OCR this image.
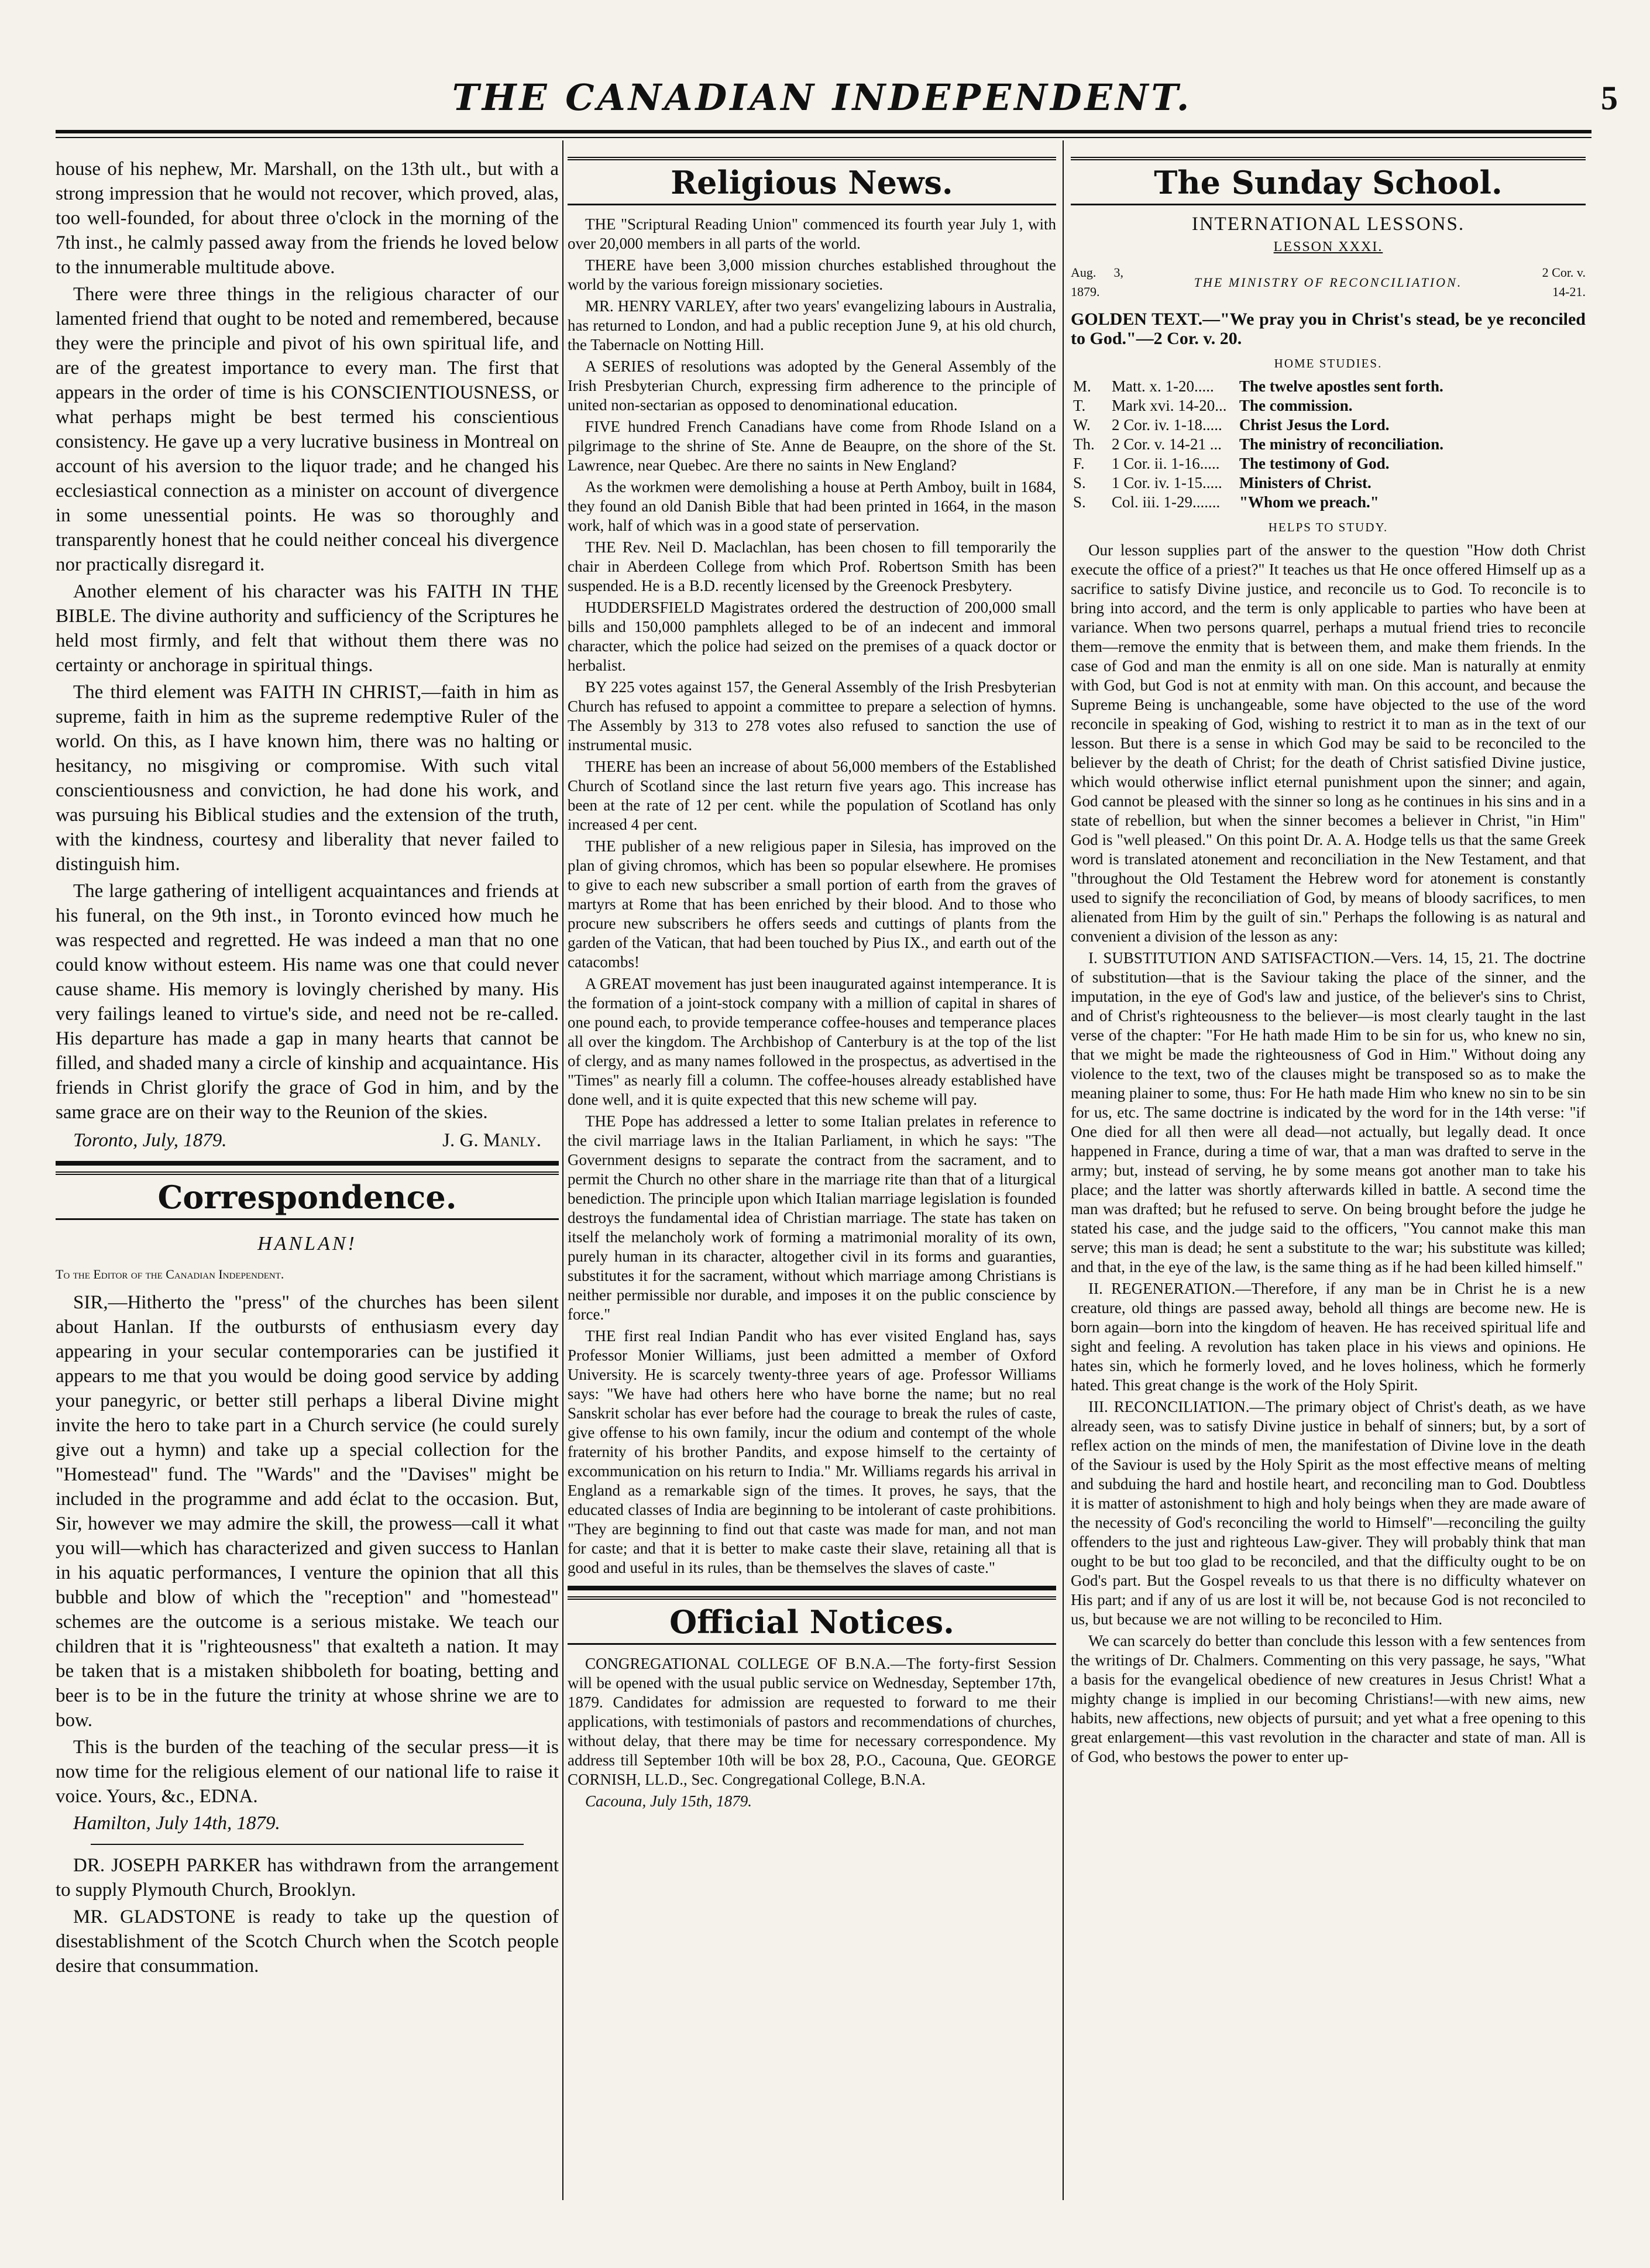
THE CANADIAN INDEPENDENT.	5

house of his nephew, Mr. Marshall, on the 13th ult., but with a strong impression that he would not recover, which proved, alas, too well-founded, for about three o'clock in the morning of the 7th inst., he calmly passed away from the friends he loved below to the innumerable multitude above.

There were three things in the religious character of our lamented friend that ought to be noted and remembered, because they were the principle and pivot of his own spiritual life, and are of the greatest importance to every man. The first that appears in the order of time is his CONSCIENTIOUSNESS, or what perhaps might be best termed his conscientious consistency. He gave up a very lucrative business in Montreal on account of his aversion to the liquor trade; and he changed his ecclesiastical connection as a minister on account of divergence in some unessential points. He was so thoroughly and transparently honest that he could neither conceal his divergence nor practically disregard it.

Another element of his character was his FAITH IN THE BIBLE. The divine authority and sufficiency of the Scriptures he held most firmly, and felt that without them there was no certainty or anchorage in spiritual things.

The third element was FAITH IN CHRIST,—faith in him as supreme, faith in him as the supreme redemptive Ruler of the world. On this, as I have known him, there was no halting or hesitancy, no misgiving or compromise. With such vital conscientiousness and conviction, he had done his work, and was pursuing his Biblical studies and the extension of the truth, with the kindness, courtesy and liberality that never failed to distinguish him.

The large gathering of intelligent acquaintances and friends at his funeral, on the 9th inst., in Toronto evinced how much he was respected and regretted. He was indeed a man that no one could know without esteem. His name was one that could never cause shame. His memory is lovingly cherished by many. His very failings leaned to virtue's side, and need not be re-called. His departure has made a gap in many hearts that cannot be filled, and shaded many a circle of kinship and acquaintance. His friends in Christ glorify the grace of God in him, and by the same grace are on their way to the Reunion of the skies.

Toronto, July, 1879.	J. G. Manly.
Correspondence.
HANLAN!
To the Editor of the Canadian Independent.

SIR,—Hitherto the "press" of the churches has been silent about Hanlan. If the outbursts of enthusiasm every day appearing in your secular contemporaries can be justified it appears to me that you would be doing good service by adding your panegyric, or better still perhaps a liberal Divine might invite the hero to take part in a Church service (he could surely give out a hymn) and take up a special collection for the "Homestead" fund. The "Wards" and the "Davises" might be included in the programme and add éclat to the occasion. But, Sir, however we may admire the skill, the prowess—call it what you will—which has characterized and given success to Hanlan in his aquatic performances, I venture the opinion that all this bubble and blow of which the "reception" and "homestead" schemes are the outcome is a serious mistake. We teach our children that it is "righteousness" that exalteth a nation. It may be taken that is a mistaken shibboleth for boating, betting and beer is to be in the future the trinity at whose shrine we are to bow.

This is the burden of the teaching of the secular press—it is now time for the religious element of our national life to raise it voice. Yours, &c., EDNA.

Hamilton, July 14th, 1879.

DR. JOSEPH PARKER has withdrawn from the arrangement to supply Plymouth Church, Brooklyn.

MR. GLADSTONE is ready to take up the question of disestablishment of the Scotch Church when the Scotch people desire that consummation.

Religious News.

THE "Scriptural Reading Union" commenced its fourth year July 1, with over 20,000 members in all parts of the world.

THERE have been 3,000 mission churches established throughout the world by the various foreign missionary societies.

MR. HENRY VARLEY, after two years' evangelizing labours in Australia, has returned to London, and had a public reception June 9, at his old church, the Tabernacle on Notting Hill.

A SERIES of resolutions was adopted by the General Assembly of the Irish Presbyterian Church, expressing firm adherence to the principle of united non-sectarian as opposed to denominational education.

FIVE hundred French Canadians have come from Rhode Island on a pilgrimage to the shrine of Ste. Anne de Beaupre, on the shore of the St. Lawrence, near Quebec. Are there no saints in New England?

As the workmen were demolishing a house at Perth Amboy, built in 1684, they found an old Danish Bible that had been printed in 1664, in the mason work, half of which was in a good state of perservation.

THE Rev. Neil D. Maclachlan, has been chosen to fill temporarily the chair in Aberdeen College from which Prof. Robertson Smith has been suspended. He is a B.D. recently licensed by the Greenock Presbytery.

HUDDERSFIELD Magistrates ordered the destruction of 200,000 small bills and 150,000 pamphlets alleged to be of an indecent and immoral character, which the police had seized on the premises of a quack doctor or herbalist.

BY 225 votes against 157, the General Assembly of the Irish Presbyterian Church has refused to appoint a committee to prepare a selection of hymns. The Assembly by 313 to 278 votes also refused to sanction the use of instrumental music.

THERE has been an increase of about 56,000 members of the Established Church of Scotland since the last return five years ago. This increase has been at the rate of 12 per cent. while the population of Scotland has only increased 4 per cent.

THE publisher of a new religious paper in Silesia, has improved on the plan of giving chromos, which has been so popular elsewhere. He promises to give to each new subscriber a small portion of earth from the graves of martyrs at Rome that has been enriched by their blood. And to those who procure new subscribers he offers seeds and cuttings of plants from the garden of the Vatican, that had been touched by Pius IX., and earth out of the catacombs!

A GREAT movement has just been inaugurated against intemperance. It is the formation of a joint-stock company with a million of capital in shares of one pound each, to provide temperance coffee-houses and temperance places all over the kingdom. The Archbishop of Canterbury is at the top of the list of clergy, and as many names followed in the prospectus, as advertised in the "Times" as nearly fill a column. The coffee-houses already established have done well, and it is quite expected that this new scheme will pay.

THE Pope has addressed a letter to some Italian prelates in reference to the civil marriage laws in the Italian Parliament, in which he says: "The Government designs to separate the contract from the sacrament, and to permit the Church no other share in the marriage rite than that of a liturgical benediction. The principle upon which Italian marriage legislation is founded destroys the fundamental idea of Christian marriage. The state has taken on itself the melancholy work of forming a matrimonial morality of its own, purely human in its character, altogether civil in its forms and guaranties, substitutes it for the sacrament, without which marriage among Christians is neither permissible nor durable, and imposes it on the public conscience by force."

THE first real Indian Pandit who has ever visited England has, says Professor Monier Williams, just been admitted a member of Oxford University. He is scarcely twenty-three years of age. Professor Williams says: "We have had others here who have borne the name; but no real Sanskrit scholar has ever before had the courage to break the rules of caste, give offense to his own family, incur the odium and contempt of the whole fraternity of his brother Pandits, and expose himself to the certainty of excommunication on his return to India." Mr. Williams regards his arrival in England as a remarkable sign of the times. It proves, he says, that the educated classes of India are beginning to be intolerant of caste prohibitions. "They are beginning to find out that caste was made for man, and not man for caste; and that it is better to make caste their slave, retaining all that is good and useful in its rules, than be themselves the slaves of caste."

Official Notices.

CONGREGATIONAL COLLEGE OF B.N.A.—The forty-first Session will be opened with the usual public service on Wednesday, September 17th, 1879. Candidates for admission are requested to forward to me their applications, with testimonials of pastors and recommendations of churches, without delay, that there may be time for necessary correspondence. My address till September 10th will be box 28, P.O., Cacouna, Que. GEORGE CORNISH, LL.D., Sec. Congregational College, B.N.A.

Cacouna, July 15th, 1879.
The Sunday School.
INTERNATIONAL LESSONS.
LESSON XXXI.
Aug. 3, 1879.
THE MINISTRY OF RECONCILIATION.
2 Cor. v. 14-21.

GOLDEN TEXT.—"We pray you in Christ's stead, be ye reconciled to God."—2 Cor. v. 20.

HOME STUDIES.
M.	Matt. x. 1-20.....	The twelve apostles sent forth.
T.	Mark xvi. 14-20...	The commission.
W.	2 Cor. iv. 1-18.....	Christ Jesus the Lord.
Th.	2 Cor. v. 14-21 ...	The ministry of reconciliation.
F.	1 Cor. ii. 1-16.....	The testimony of God.
S.	1 Cor. iv. 1-15.....	Ministers of Christ.
S.	Col. iii. 1-29.......	"Whom we preach."
HELPS TO STUDY.

Our lesson supplies part of the answer to the question "How doth Christ execute the office of a priest?" It teaches us that He once offered Himself up as a sacrifice to satisfy Divine justice, and reconcile us to God. To reconcile is to bring into accord, and the term is only applicable to parties who have been at variance. When two persons quarrel, perhaps a mutual friend tries to reconcile them—remove the enmity that is between them, and make them friends. In the case of God and man the enmity is all on one side. Man is naturally at enmity with God, but God is not at enmity with man. On this account, and because the Supreme Being is unchangeable, some have objected to the use of the word reconcile in speaking of God, wishing to restrict it to man as in the text of our lesson. But there is a sense in which God may be said to be reconciled to the believer by the death of Christ; for the death of Christ satisfied Divine justice, which would otherwise inflict eternal punishment upon the sinner; and again, God cannot be pleased with the sinner so long as he continues in his sins and in a state of rebellion, but when the sinner becomes a believer in Christ, "in Him" God is "well pleased." On this point Dr. A. A. Hodge tells us that the same Greek word is translated atonement and reconciliation in the New Testament, and that "throughout the Old Testament the Hebrew word for atonement is constantly used to signify the reconciliation of God, by means of bloody sacrifices, to men alienated from Him by the guilt of sin." Perhaps the following is as natural and convenient a division of the lesson as any:

I. SUBSTITUTION AND SATISFACTION.—Vers. 14, 15, 21. The doctrine of substitution—that is the Saviour taking the place of the sinner, and the imputation, in the eye of God's law and justice, of the believer's sins to Christ, and of Christ's righteousness to the believer—is most clearly taught in the last verse of the chapter: "For He hath made Him to be sin for us, who knew no sin, that we might be made the righteousness of God in Him." Without doing any violence to the text, two of the clauses might be transposed so as to make the meaning plainer to some, thus: For He hath made Him who knew no sin to be sin for us, etc. The same doctrine is indicated by the word for in the 14th verse: "if One died for all then were all dead—not actually, but legally dead. It once happened in France, during a time of war, that a man was drafted to serve in the army; but, instead of serving, he by some means got another man to take his place; and the latter was shortly afterwards killed in battle. A second time the man was drafted; but he refused to serve. On being brought before the judge he stated his case, and the judge said to the officers, "You cannot make this man serve; this man is dead; he sent a substitute to the war; his substitute was killed; and that, in the eye of the law, is the same thing as if he had been killed himself."

II. REGENERATION.—Therefore, if any man be in Christ he is a new creature, old things are passed away, behold all things are become new. He is born again—born into the kingdom of heaven. He has received spiritual life and sight and feeling. A revolution has taken place in his views and opinions. He hates sin, which he formerly loved, and he loves holiness, which he formerly hated. This great change is the work of the Holy Spirit.

III. RECONCILIATION.—The primary object of Christ's death, as we have already seen, was to satisfy Divine justice in behalf of sinners; but, by a sort of reflex action on the minds of men, the manifestation of Divine love in the death of the Saviour is used by the Holy Spirit as the most effective means of melting and subduing the hard and hostile heart, and reconciling man to God. Doubtless it is matter of astonishment to high and holy beings when they are made aware of the necessity of God's reconciling the world to Himself"—reconciling the guilty offenders to the just and righteous Law-giver. They will probably think that man ought to be but too glad to be reconciled, and that the difficulty ought to be on God's part. But the Gospel reveals to us that there is no difficulty whatever on His part; and if any of us are lost it will be, not because God is not reconciled to us, but because we are not willing to be reconciled to Him.

We can scarcely do better than conclude this lesson with a few sentences from the writings of Dr. Chalmers. Commenting on this very passage, he says, "What a basis for the evangelical obedience of new creatures in Jesus Christ! What a mighty change is implied in our becoming Christians!—with new aims, new habits, new affections, new objects of pursuit; and yet what a free opening to this great enlargement—this vast revolution in the character and state of man. All is of God, who bestows the power to enter up-
